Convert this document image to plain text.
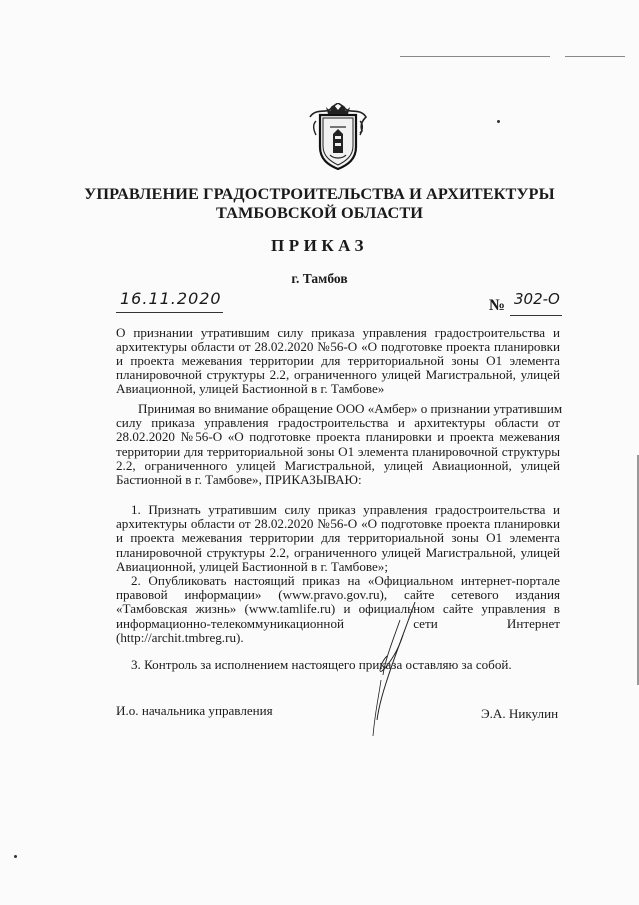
УПРАВЛЕНИЕ ГРАДОСТРОИТЕЛЬСТВА И АРХИТЕКТУРЫ
ТАМБОВСКОЙ ОБЛАСТИ
ПРИКАЗ
г. Тамбов
16.11.2020	№ 302-О
О признании утратившим силу приказа управления градостроительства и
архитектуры области от 28.02.2020 №56-О «О подготовке проекта планировки
и проекта межевания территории для территориальной зоны О1 элемента
планировочной структуры 2.2, ограниченного улицей Магистральной, улицей
Авиационной, улицей Бастионной в г. Тамбове»
Принимая во внимание обращение ООО «Амбер» о признании утратившим
силу приказа управления градостроительства и архитектуры области от
28.02.2020 №56-О «О подготовке проекта планировки и проекта межевания
территории для территориальной зоны О1 элемента планировочной структуры
2.2, ограниченного улицей Магистральной, улицей Авиационной, улицей
Бастионной в г. Тамбове», ПРИКАЗЫВАЮ:
1. Признать утратившим силу приказ управления градостроительства и
архитектуры области от 28.02.2020 №56-О «О подготовке проекта планировки
и проекта межевания территории для территориальной зоны О1 элемента
планировочной структуры 2.2, ограниченного улицей Магистральной, улицей
Авиационной, улицей Бастионной в г. Тамбове»;
2. Опубликовать настоящий приказ на «Официальном интернет-портале
правовой информации» (www.pravo.gov.ru), сайте сетевого издания
«Тамбовская жизнь» (www.tamlife.ru) и официальном сайте управления в
информационно-телекоммуникационной сети Интернет
(http://archit.tmbreg.ru).
3. Контроль за исполнением настоящего приказа оставляю за собой.
И.о. начальника управления	Э.А. Никулин
